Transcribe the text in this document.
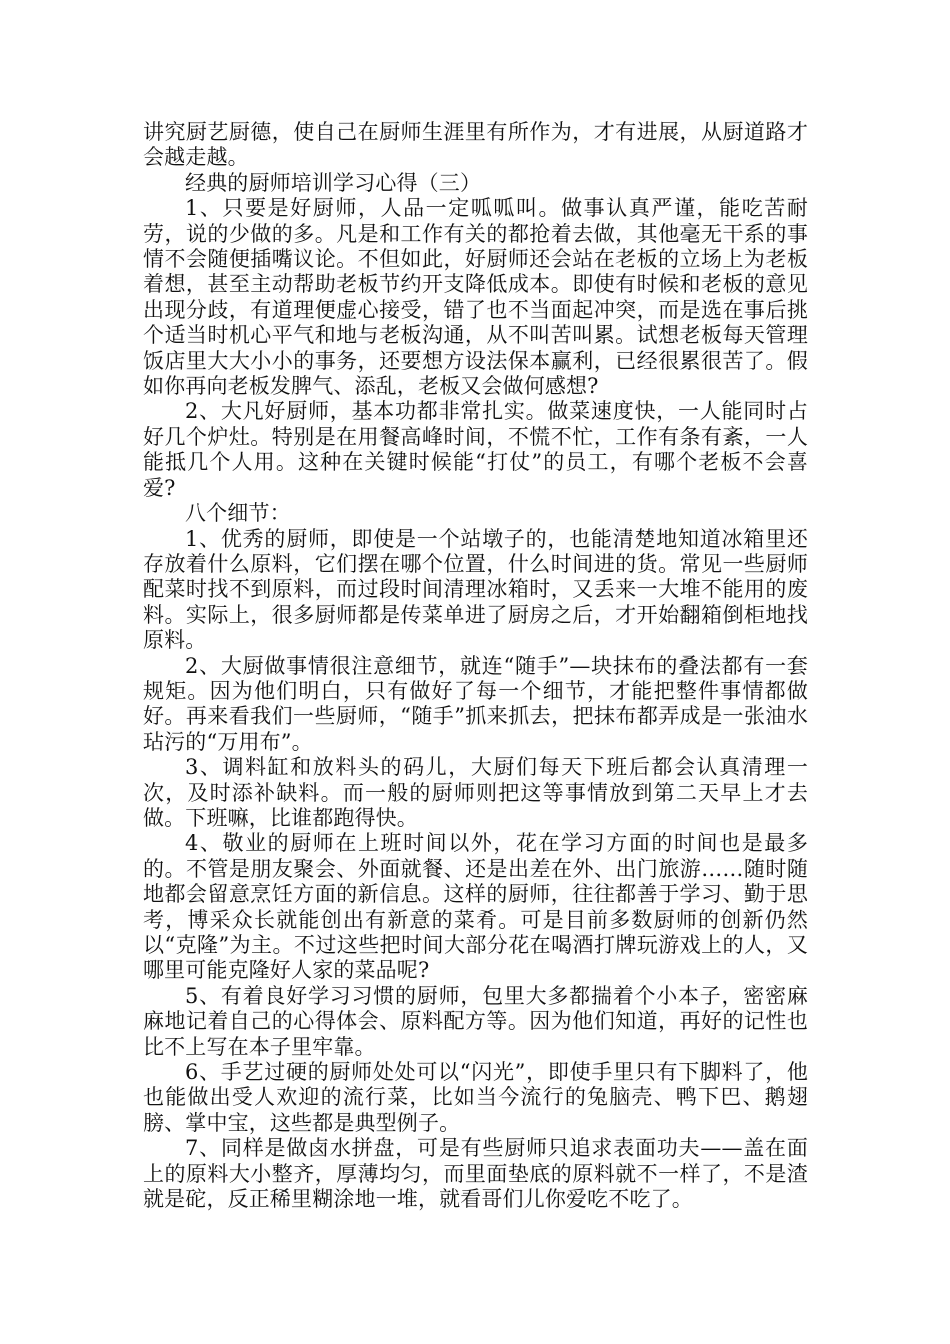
讲究厨艺厨德，使自己在厨师生涯里有所作为，才有进展，从厨道路才会越走越。

经典的厨师培训学习心得（三）

1、只要是好厨师，人品一定呱呱叫。做事认真严谨，能吃苦耐劳，说的少做的多。凡是和工作有关的都抢着去做，其他毫无干系的事情不会随便插嘴议论。不但如此，好厨师还会站在老板的立场上为老板着想，甚至主动帮助老板节约开支降低成本。即使有时候和老板的意见出现分歧，有道理便虚心接受，错了也不当面起冲突，而是选在事后挑个适当时机心平气和地与老板沟通，从不叫苦叫累。试想老板每天管理饭店里大大小小的事务，还要想方设法保本赢利，已经很累很苦了。假如你再向老板发脾气、添乱，老板又会做何感想?

2、大凡好厨师，基本功都非常扎实。做菜速度快，一人能同时占好几个炉灶。特别是在用餐高峰时间，不慌不忙，工作有条有紊，一人能抵几个人用。这种在关键时候能“打仗”的员工，有哪个老板不会喜爱?

八个细节：

1、优秀的厨师，即使是一个站墩子的，也能清楚地知道冰箱里还存放着什么原料，它们摆在哪个位置，什么时间进的货。常见一些厨师配菜时找不到原料，而过段时间清理冰箱时，又丢来一大堆不能用的废料。实际上，很多厨师都是传菜单进了厨房之后，才开始翻箱倒柜地找原料。

2、大厨做事情很注意细节，就连“随手”—块抹布的叠法都有一套规矩。因为他们明白，只有做好了每一个细节，才能把整件事情都做好。再来看我们一些厨师，“随手”抓来抓去，把抹布都弄成是一张油水玷污的“万用布”。

3、调料缸和放料头的码儿，大厨们每天下班后都会认真清理一次，及时添补缺料。而一般的厨师则把这等事情放到第二天早上才去做。下班嘛，比谁都跑得快。

4、敬业的厨师在上班时间以外，花在学习方面的时间也是最多的。不管是朋友聚会、外面就餐、还是出差在外、出门旅游……随时随地都会留意烹饪方面的新信息。这样的厨师，往往都善于学习、勤于思考，博采众长就能创出有新意的菜肴。可是目前多数厨师的创新仍然以“克隆”为主。不过这些把时间大部分花在喝酒打牌玩游戏上的人，又哪里可能克隆好人家的菜品呢?

5、有着良好学习习惯的厨师，包里大多都揣着个小本子，密密麻麻地记着自己的心得体会、原料配方等。因为他们知道，再好的记性也比不上写在本子里牢靠。

6、手艺过硬的厨师处处可以“闪光”，即使手里只有下脚料了，他也能做出受人欢迎的流行菜，比如当今流行的兔脑壳、鸭下巴、鹅翅膀、掌中宝，这些都是典型例子。

7、同样是做卤水拼盘，可是有些厨师只追求表面功夫——盖在面上的原料大小整齐，厚薄均匀，而里面垫底的原料就不一样了，不是渣就是砣，反正稀里糊涂地一堆，就看哥们儿你爱吃不吃了。
